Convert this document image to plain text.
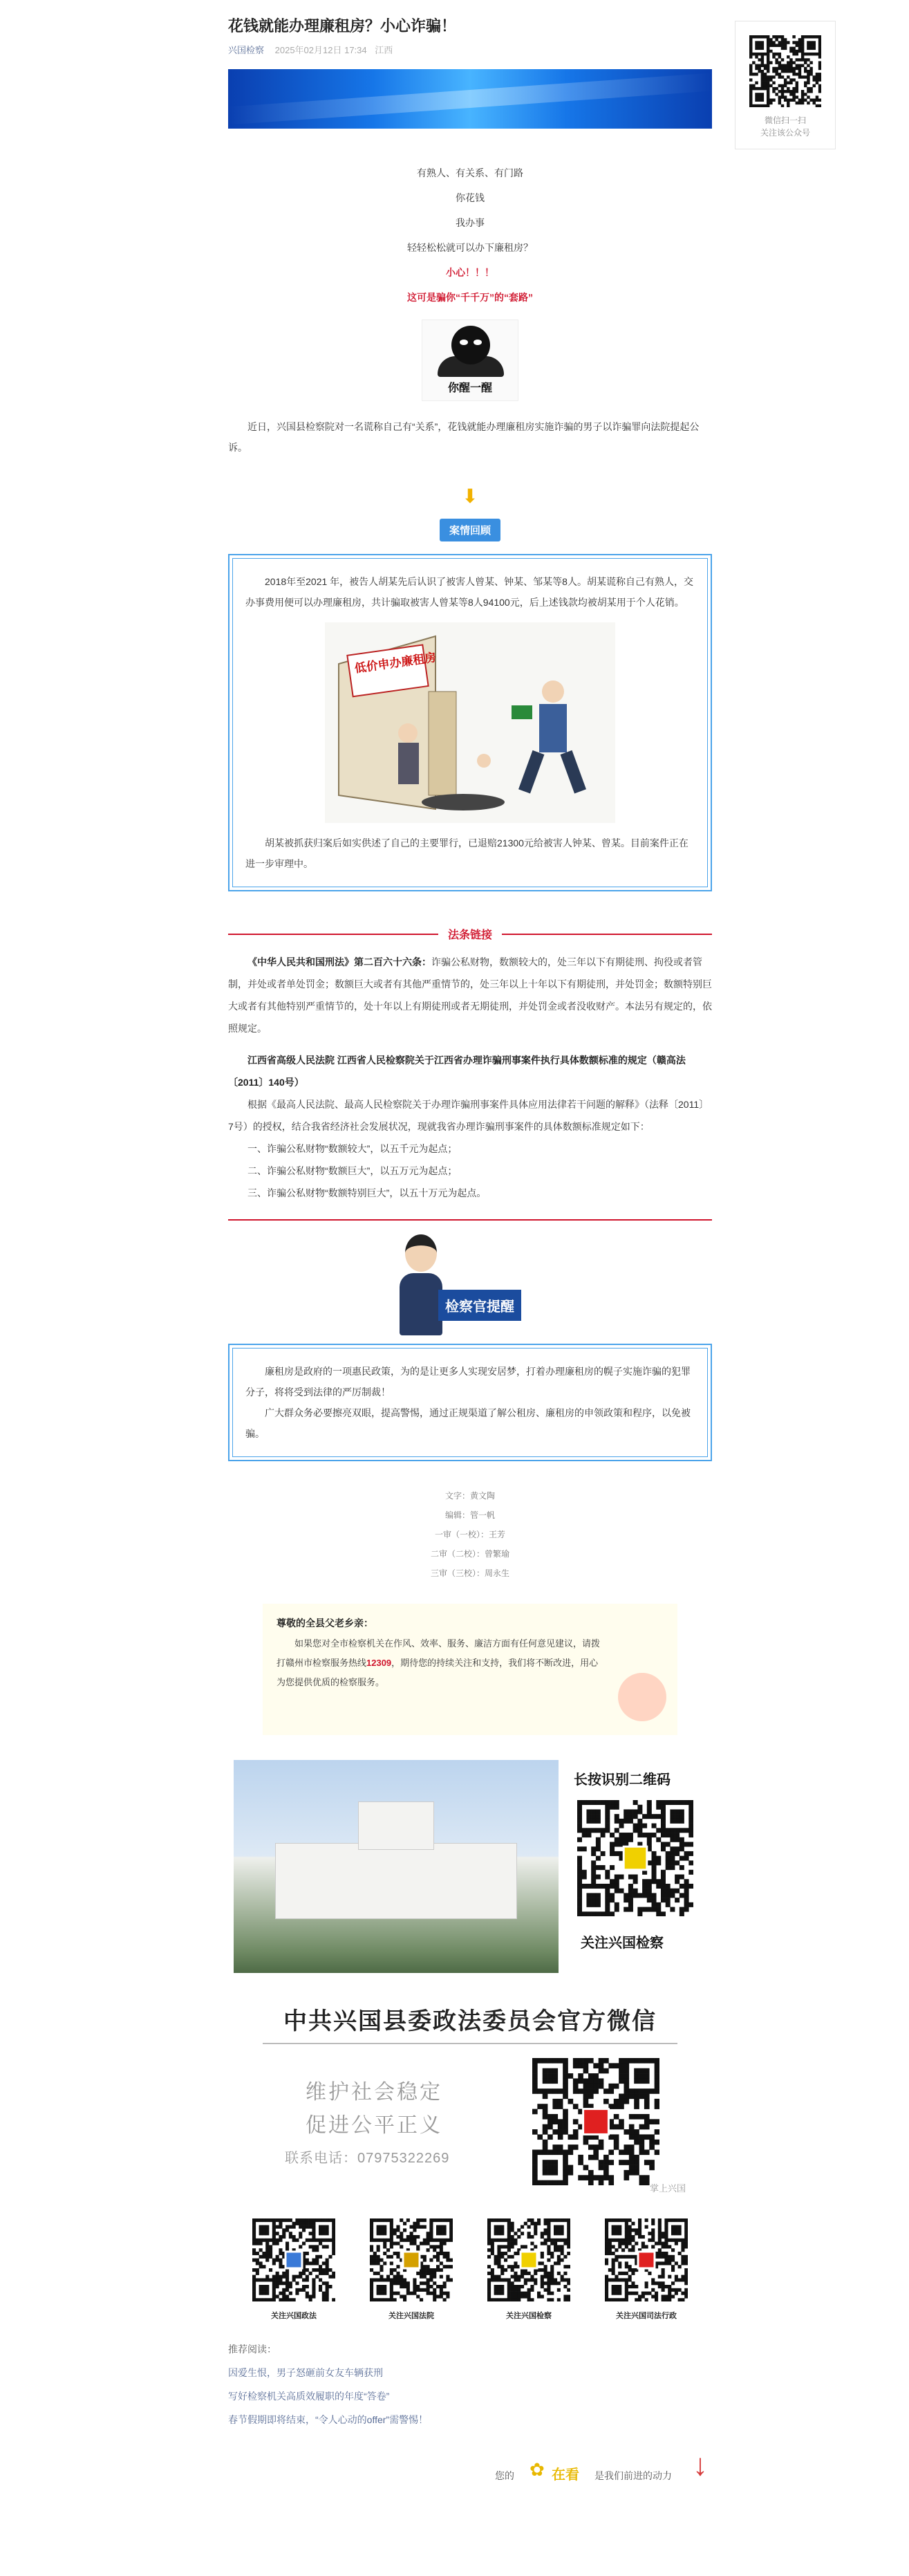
花钱就能办理廉租房？小心诈骗！
兴国检察 2025年02月12日 17:34 江西
有熟人、有关系、有门路
你花钱
我办事
轻轻松松就可以办下廉租房？
小心！！！
这可是骗你“千千万”的“套路”
你醒一醒

近日，兴国县检察院对一名谎称自己有“关系”，花钱就能办理廉租房实施诈骗的男子以诈骗罪向法院提起公诉。

⬇
案情回顾

2018年至2021 年，被告人胡某先后认识了被害人曾某、钟某、邹某等8人。胡某谎称自己有熟人，交办事费用便可以办理廉租房，共计骗取被害人曾某等8人94100元，后上述钱款均被胡某用于个人花销。

低价申办廉租房

胡某被抓获归案后如实供述了自己的主要罪行，已退赔21300元给被害人钟某、曾某。目前案件正在进一步审理中。

法条链接

《中华人民共和国刑法》第二百六十六条：诈骗公私财物，数额较大的，处三年以下有期徒刑、拘役或者管制，并处或者单处罚金；数额巨大或者有其他严重情节的，处三年以上十年以下有期徒刑，并处罚金；数额特别巨大或者有其他特别严重情节的，处十年以上有期徒刑或者无期徒刑，并处罚金或者没收财产。本法另有规定的，依照规定。

江西省高级人民法院 江西省人民检察院关于江西省办理诈骗刑事案件执行具体数额标准的规定（赣高法〔2011〕140号）

根据《最高人民法院、最高人民检察院关于办理诈骗刑事案件具体应用法律若干问题的解释》（法释〔2011〕7号）的授权，结合我省经济社会发展状况，现就我省办理诈骗刑事案件的具体数额标准规定如下：

一、诈骗公私财物“数额较大”，以五千元为起点；

二、诈骗公私财物“数额巨大”，以五万元为起点；

三、诈骗公私财物“数额特别巨大”，以五十万元为起点。

检察官提醒

廉租房是政府的一项惠民政策，为的是让更多人实现安居梦，打着办理廉租房的幌子实施诈骗的犯罪分子，将将受到法律的严厉制裁！

广大群众务必要擦亮双眼，提高警惕，通过正规渠道了解公租房、廉租房的申领政策和程序，以免被骗。

文字：黄文陶
编辑：管一帆
一审（一校）：王芳
二审（二校）：曾繁瑜
三审（三校）：周永生
尊敬的全县父老乡亲：

如果您对全市检察机关在作风、效率、服务、廉洁方面有任何意见建议，请拨打赣州市检察服务热线12309，期待您的持续关注和支持，我们将不断改进，用心为您提供优质的检察服务。

长按识别二维码
关注兴国检察
中共兴国县委政法委员会官方微信
维护社会稳定
促进公平正义
联系电话：07975322269
掌上兴国
关注兴国政法	关注兴国法院	关注兴国检察	关注兴国司法行政
推荐阅读：
因爱生恨，男子怒砸前女友车辆获刑
写好检察机关高质效履职的年度“答卷”
春节假期即将结束，“令人心动的offer”需警惕！
您的 ✿ 在看 是我们前进的动力 ↓
微信扫一扫
关注该公众号
